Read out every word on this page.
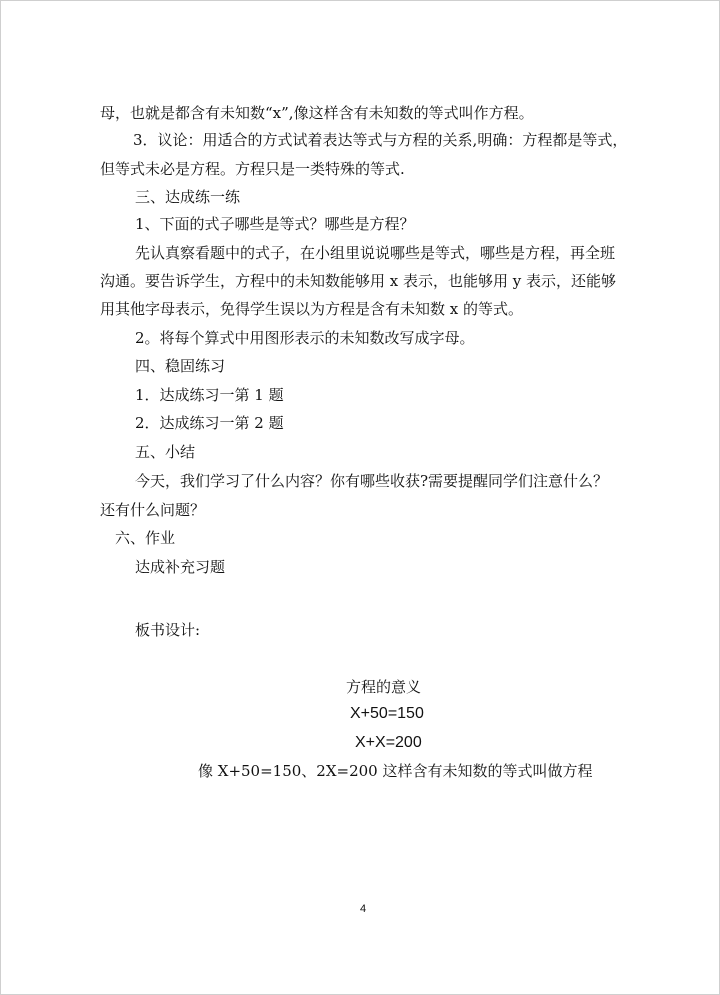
母，也就是都含有未知数“x”,像这样含有未知数的等式叫作方程。
3．议论：用适合的方式试着表达等式与方程的关系,明确：方程都是等式，
但等式未必是方程。方程只是一类特殊的等式.
三、达成练一练
1、下面的式子哪些是等式？哪些是方程？
先认真察看题中的式子，在小组里说说哪些是等式，哪些是方程，再全班
沟通。要告诉学生，方程中的未知数能够用 x 表示，也能够用 y 表示，还能够
用其他字母表示，免得学生误以为方程是含有未知数 x 的等式。
2。将每个算式中用图形表示的未知数改写成字母。
四、稳固练习
1．达成练习一第 1 题
2．达成练习一第 2 题
五、小结
今天，我们学习了什么内容？你有哪些收获?需要提醒同学们注意什么？
还有什么问题？
六、作业
达成补充习题
板书设计:
方程的意义
X+50=150
X+X=200
像 X+50=150、2X=200 这样含有未知数的等式叫做方程
4
